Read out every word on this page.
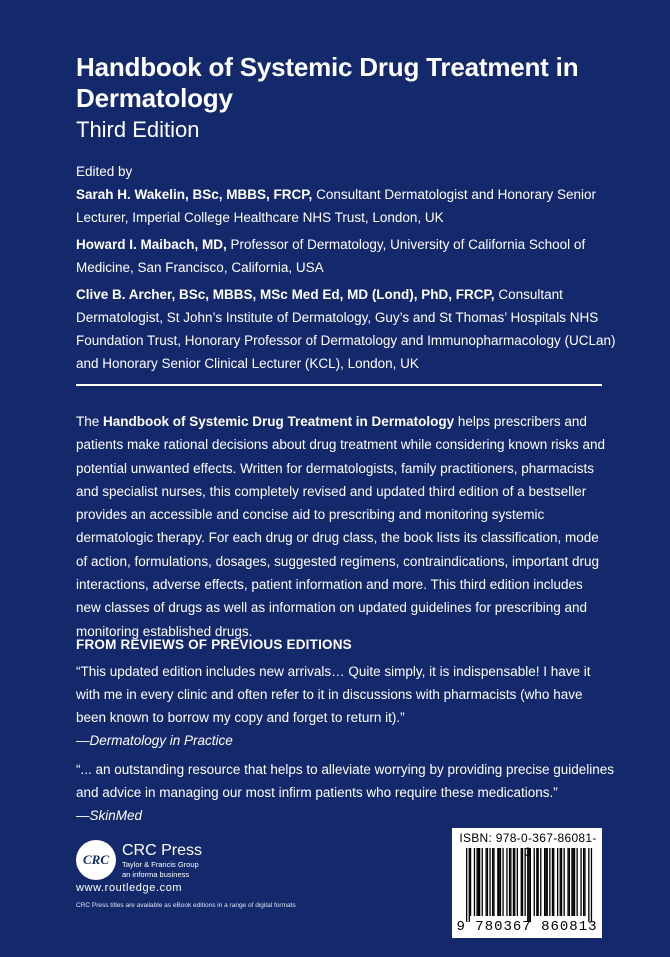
Handbook of Systemic Drug Treatment in Dermatology
Third Edition
Edited by
Sarah H. Wakelin, BSc, MBBS, FRCP, Consultant Dermatologist and Honorary Senior Lecturer, Imperial College Healthcare NHS Trust, London, UK
Howard I. Maibach, MD, Professor of Dermatology, University of California School of Medicine, San Francisco, California, USA
Clive B. Archer, BSc, MBBS, MSc Med Ed, MD (Lond), PhD, FRCP, Consultant Dermatologist, St John’s Institute of Dermatology, Guy’s and St Thomas’ Hospitals NHS Foundation Trust, Honorary Professor of Dermatology and Immunopharmacology (UCLan) and Honorary Senior Clinical Lecturer (KCL), London, UK
The Handbook of Systemic Drug Treatment in Dermatology helps prescribers and patients make rational decisions about drug treatment while considering known risks and potential unwanted effects. Written for dermatologists, family practitioners, pharmacists and specialist nurses, this completely revised and updated third edition of a bestseller provides an accessible and concise aid to prescribing and monitoring systemic dermatologic therapy. For each drug or drug class, the book lists its classification, mode of action, formulations, dosages, suggested regimens, contraindications, important drug interactions, adverse effects, patient information and more. This third edition includes new classes of drugs as well as information on updated guidelines for prescribing and monitoring established drugs.
FROM REVIEWS OF PREVIOUS EDITIONS
“This updated edition includes new arrivals… Quite simply, it is indispensable! I have it with me in every clinic and often refer to it in discussions with pharmacists (who have been known to borrow my copy and forget to return it).”
—Dermatology in Practice
“... an outstanding resource that helps to alleviate worrying by providing precise guidelines and advice in managing our most infirm patients who require these medications.”
—SkinMed
CRC
CRC Press
Taylor & Francis Group
an informa business
www.routledge.com
CRC Press titles are available as eBook editions in a range of digital formats
ISBN: 978-0-367-86081-
9 780367 860813
